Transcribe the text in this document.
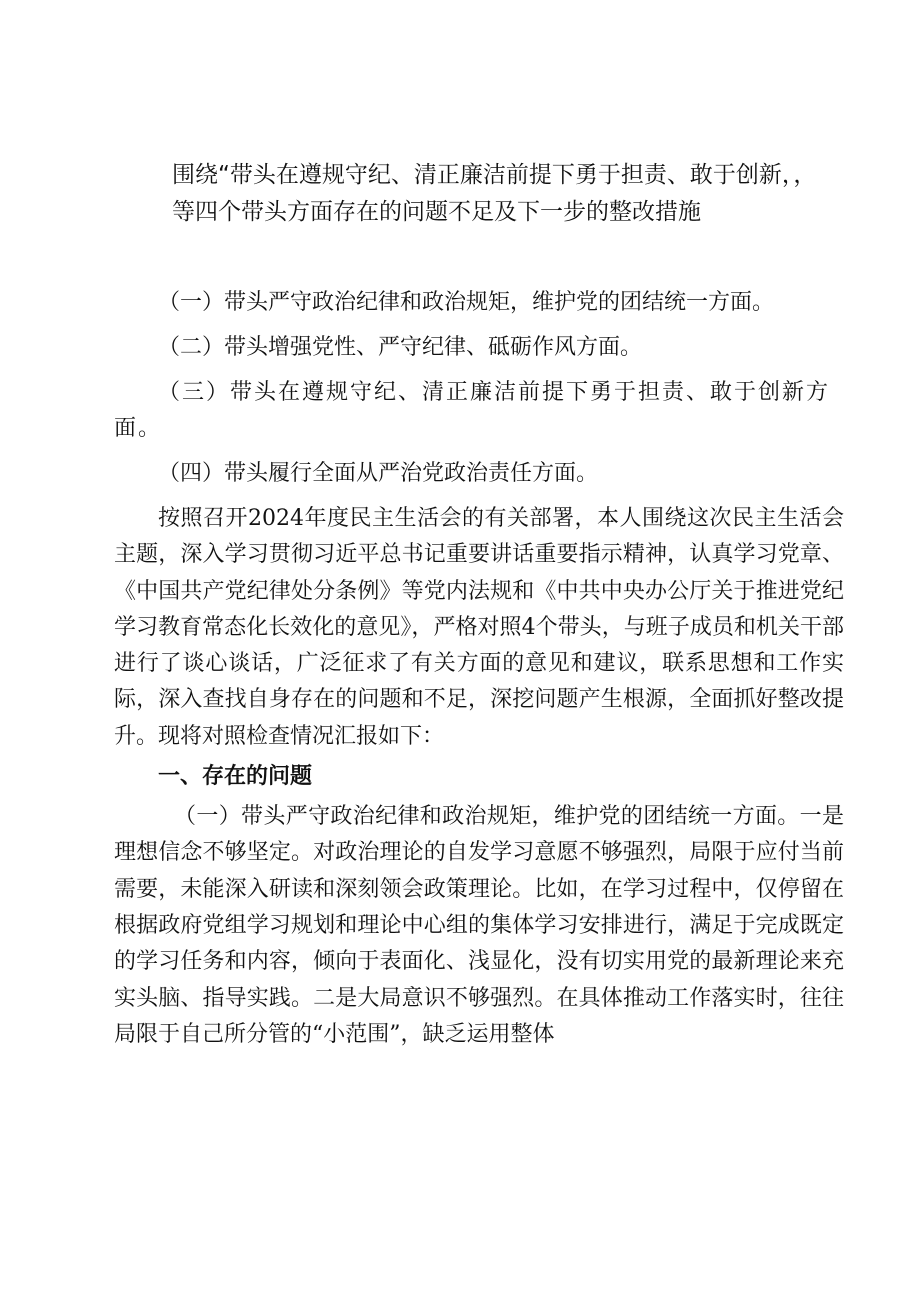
围绕“带头在遵规守纪、清正廉洁前提下勇于担责、敢于创新，，
等四个带头方面存在的问题不足及下一步的整改措施

（一）带头严守政治纪律和政治规矩，维护党的团结统一方面。

（二）带头增强党性、严守纪律、砥砺作风方面。

（三）带头在遵规守纪、清正廉洁前提下勇于担责、敢于创新方面。

（四）带头履行全面从严治党政治责任方面。

按照召开2024年度民主生活会的有关部署，本人围绕这次民主生活会主题，深入学习贯彻习近平总书记重要讲话重要指示精神，认真学习党章、《中国共产党纪律处分条例》等党内法规和《中共中央办公厅关于推进党纪学习教育常态化长效化的意见》，严格对照4个带头，与班子成员和机关干部进行了谈心谈话，广泛征求了有关方面的意见和建议，联系思想和工作实际，深入查找自身存在的问题和不足，深挖问题产生根源，全面抓好整改提升。现将对照检查情况汇报如下：

一、存在的问题

（一）带头严守政治纪律和政治规矩，维护党的团结统一方面。一是理想信念不够坚定。对政治理论的自发学习意愿不够强烈，局限于应付当前需要，未能深入研读和深刻领会政策理论。比如，在学习过程中，仅停留在根据政府党组学习规划和理论中心组的集体学习安排进行，满足于完成既定的学习任务和内容，倾向于表面化、浅显化，没有切实用党的最新理论来充实头脑、指导实践。二是大局意识不够强烈。在具体推动工作落实时，往往局限于自己所分管的“小范围”，缺乏运用整体
